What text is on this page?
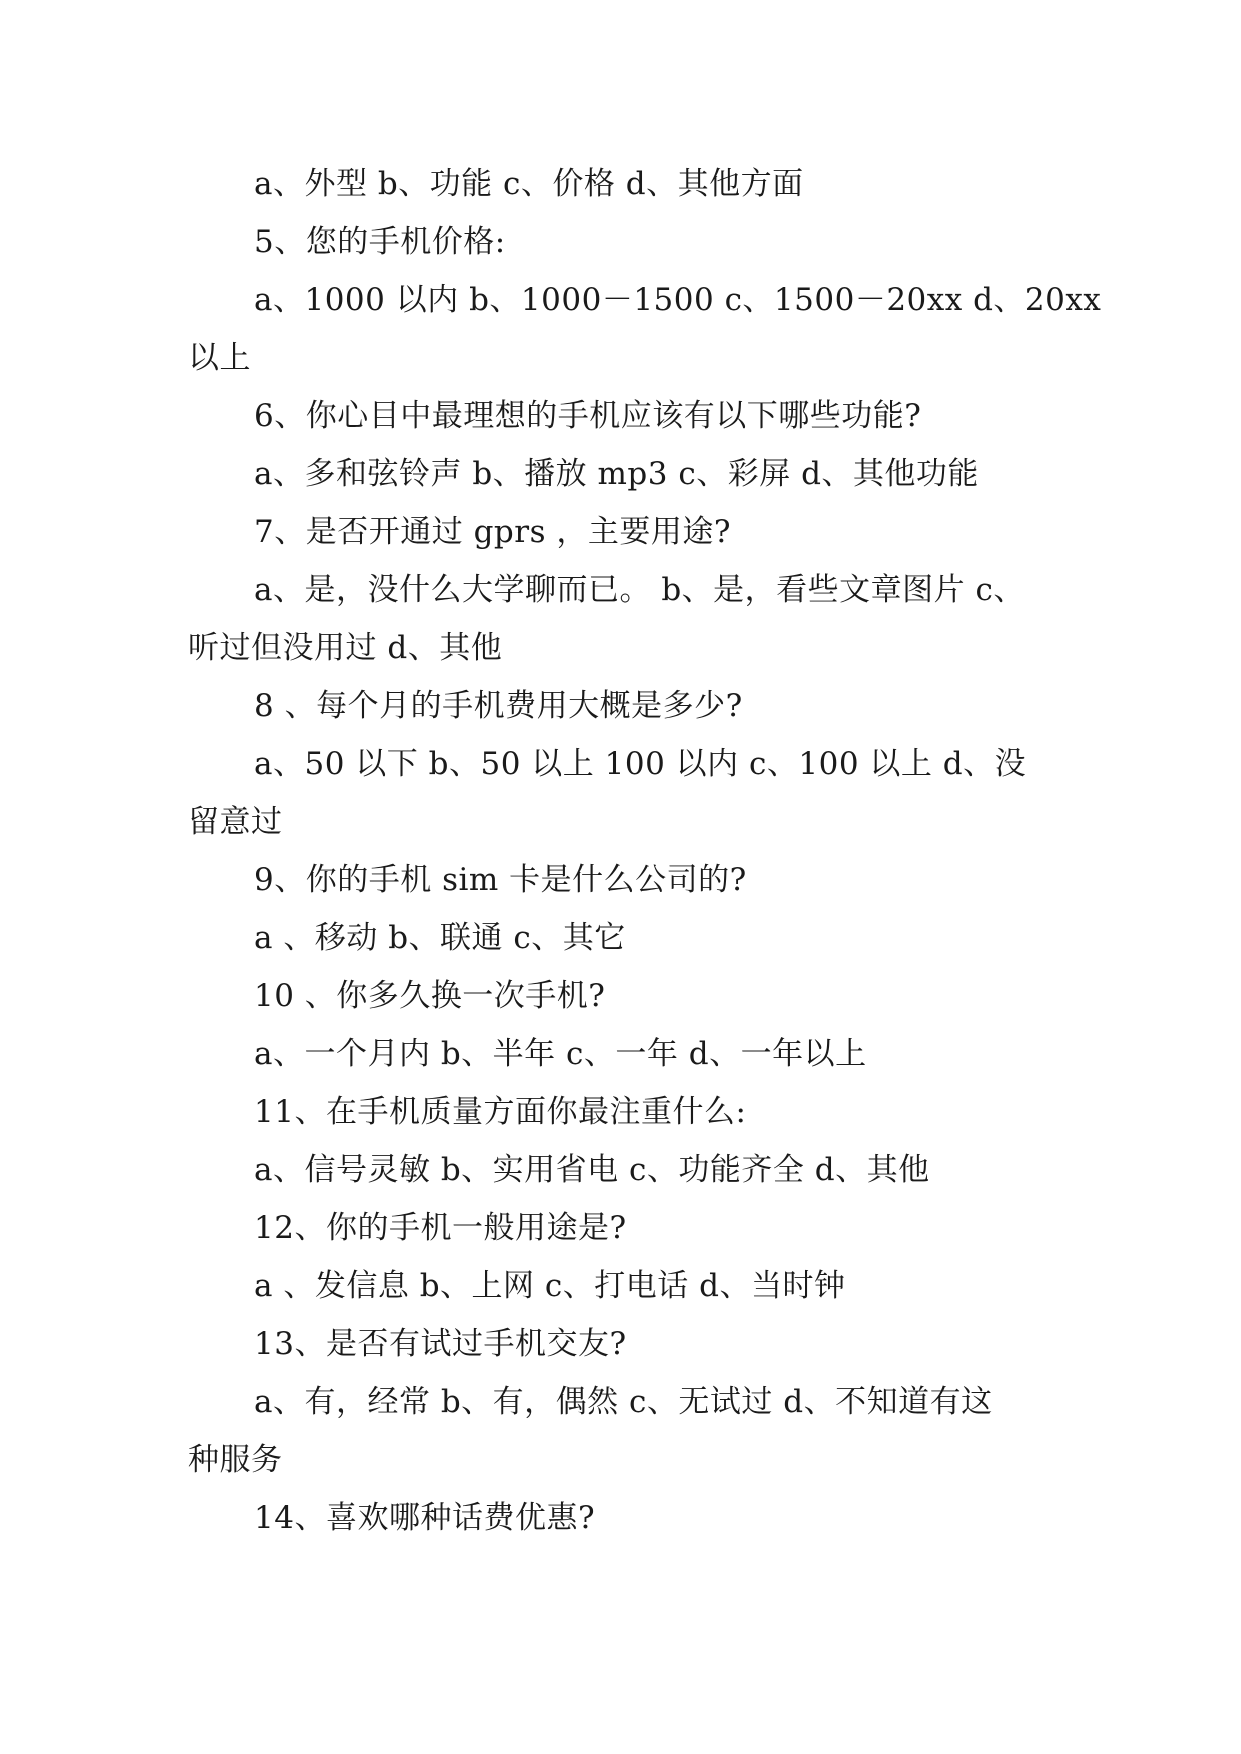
a、外型 b、功能 c、价格 d、其他方面

5、您的手机价格:

a、1000 以内 b、1000－1500 c、1500－20xx d、20xx

以上

6、你心目中最理想的手机应该有以下哪些功能?

a、多和弦铃声 b、播放 mp3 c、彩屏 d、其他功能

7、是否开通过 gprs ，主要用途?

a、是，没什么大学聊而已。 b、是，看些文章图片 c、

听过但没用过 d、其他

8 、每个月的手机费用大概是多少?

a、50 以下 b、50 以上 100 以内 c、100 以上 d、没

留意过

9、你的手机 sim 卡是什么公司的?

a 、移动 b、联通 c、其它

10 、你多久换一次手机?

a、一个月内 b、半年 c、一年 d、一年以上

11、在手机质量方面你最注重什么:

a、信号灵敏 b、实用省电 c、功能齐全 d、其他

12、你的手机一般用途是?

a 、发信息 b、上网 c、打电话 d、当时钟

13、是否有试过手机交友?

a、有，经常 b、有，偶然 c、无试过 d、不知道有这

种服务

14、喜欢哪种话费优惠?
